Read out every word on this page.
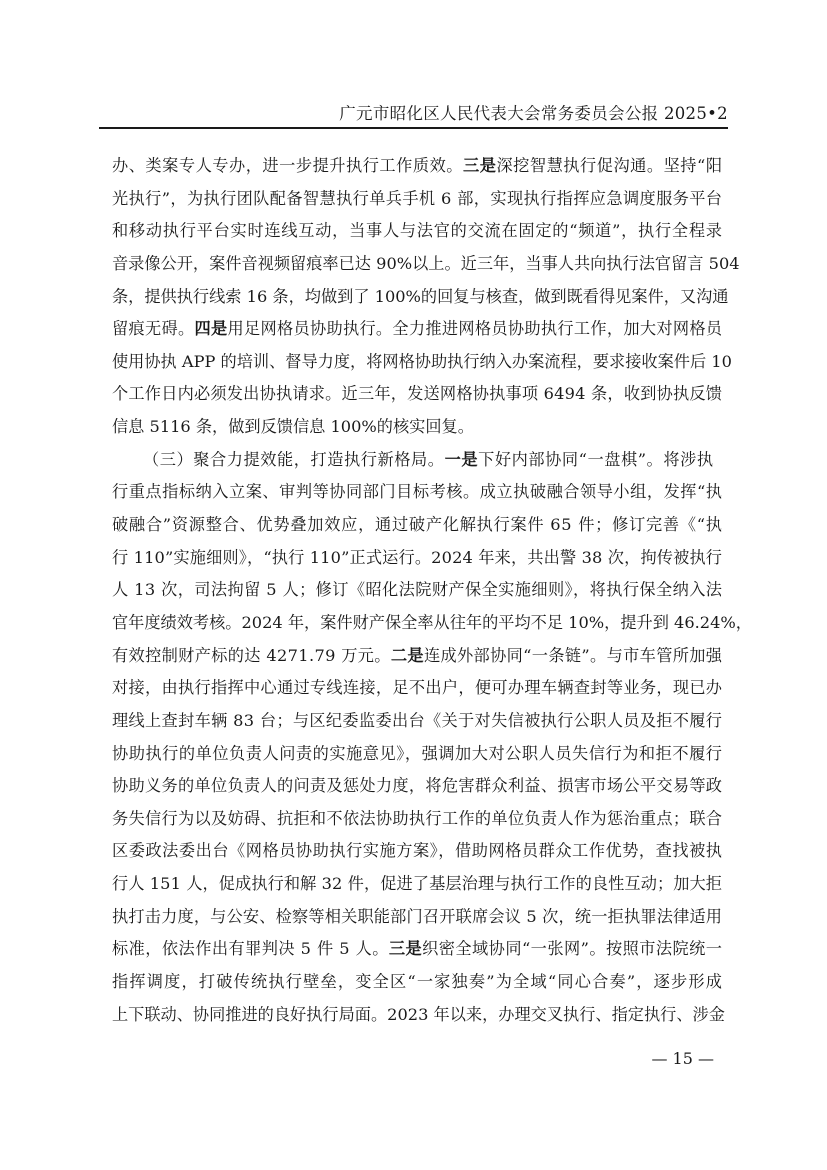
广元市昭化区人民代表大会常务委员会公报 2025•2
办、类案专人专办，进一步提升执行工作质效。 三是 深挖智慧执行促沟通。坚持“阳
光执行”，为执行团队配备智慧执行单兵手机 6 部，实现执行指挥应急调度服务平台
和移动执行平台实时连线互动，当事人与法官的交流在固定的“频道”，执行全程录
音录像公开，案件音视频留痕率已达 90%以上。近三年，当事人共向执行法官留言 504
条，提供执行线索 16 条，均做到了 100%的回复与核查，做到既看得见案件，又沟通
留痕无碍。 四是 用足网格员协助执行。全力推进网格员协助执行工作，加大对网格员
使用协执 APP 的培训、督导力度，将网格协助执行纳入办案流程，要求接收案件后 10
个工作日内必须发出协执请求。近三年，发送网格协执事项 6494 条，收到协执反馈
信息 5116 条，做到反馈信息 100%的核实回复。
（三）聚合力提效能，打造执行新格局。 一是 下好内部协同“一盘棋”。将涉执
行重点指标纳入立案、审判等协同部门目标考核。成立执破融合领导小组，发挥“执
破融合”资源整合、优势叠加效应，通过破产化解执行案件 65 件；修订完善《“执
行 110”实施细则》，“执行 110”正式运行。2024 年来，共出警 38 次，拘传被执行
人 13 次，司法拘留 5 人；修订《昭化法院财产保全实施细则》，将执行保全纳入法
官年度绩效考核。2024 年，案件财产保全率从往年的平均不足 10%，提升到 46.24%，
有效控制财产标的达 4271.79 万元。 二是 连成外部协同“一条链”。与市车管所加强
对接，由执行指挥中心通过专线连接，足不出户，便可办理车辆查封等业务，现已办
理线上查封车辆 83 台；与区纪委监委出台《关于对失信被执行公职人员及拒不履行
协助执行的单位负责人问责的实施意见》，强调加大对公职人员失信行为和拒不履行
协助义务的单位负责人的问责及惩处力度，将危害群众利益、损害市场公平交易等政
务失信行为以及妨碍、抗拒和不依法协助执行工作的单位负责人作为惩治重点；联合
区委政法委出台《网格员协助执行实施方案》，借助网格员群众工作优势，查找被执
行人 151 人，促成执行和解 32 件，促进了基层治理与执行工作的良性互动；加大拒
执打击力度，与公安、检察等相关职能部门召开联席会议 5 次，统一拒执罪法律适用
标准，依法作出有罪判决 5 件 5 人。 三是 织密全域协同“一张网”。按照市法院统一
指挥调度，打破传统执行壁垒，变全区“一家独奏”为全域“同心合奏”，逐步形成
上下联动、协同推进的良好执行局面。2023 年以来，办理交叉执行、指定执行、涉金
— 15 —
